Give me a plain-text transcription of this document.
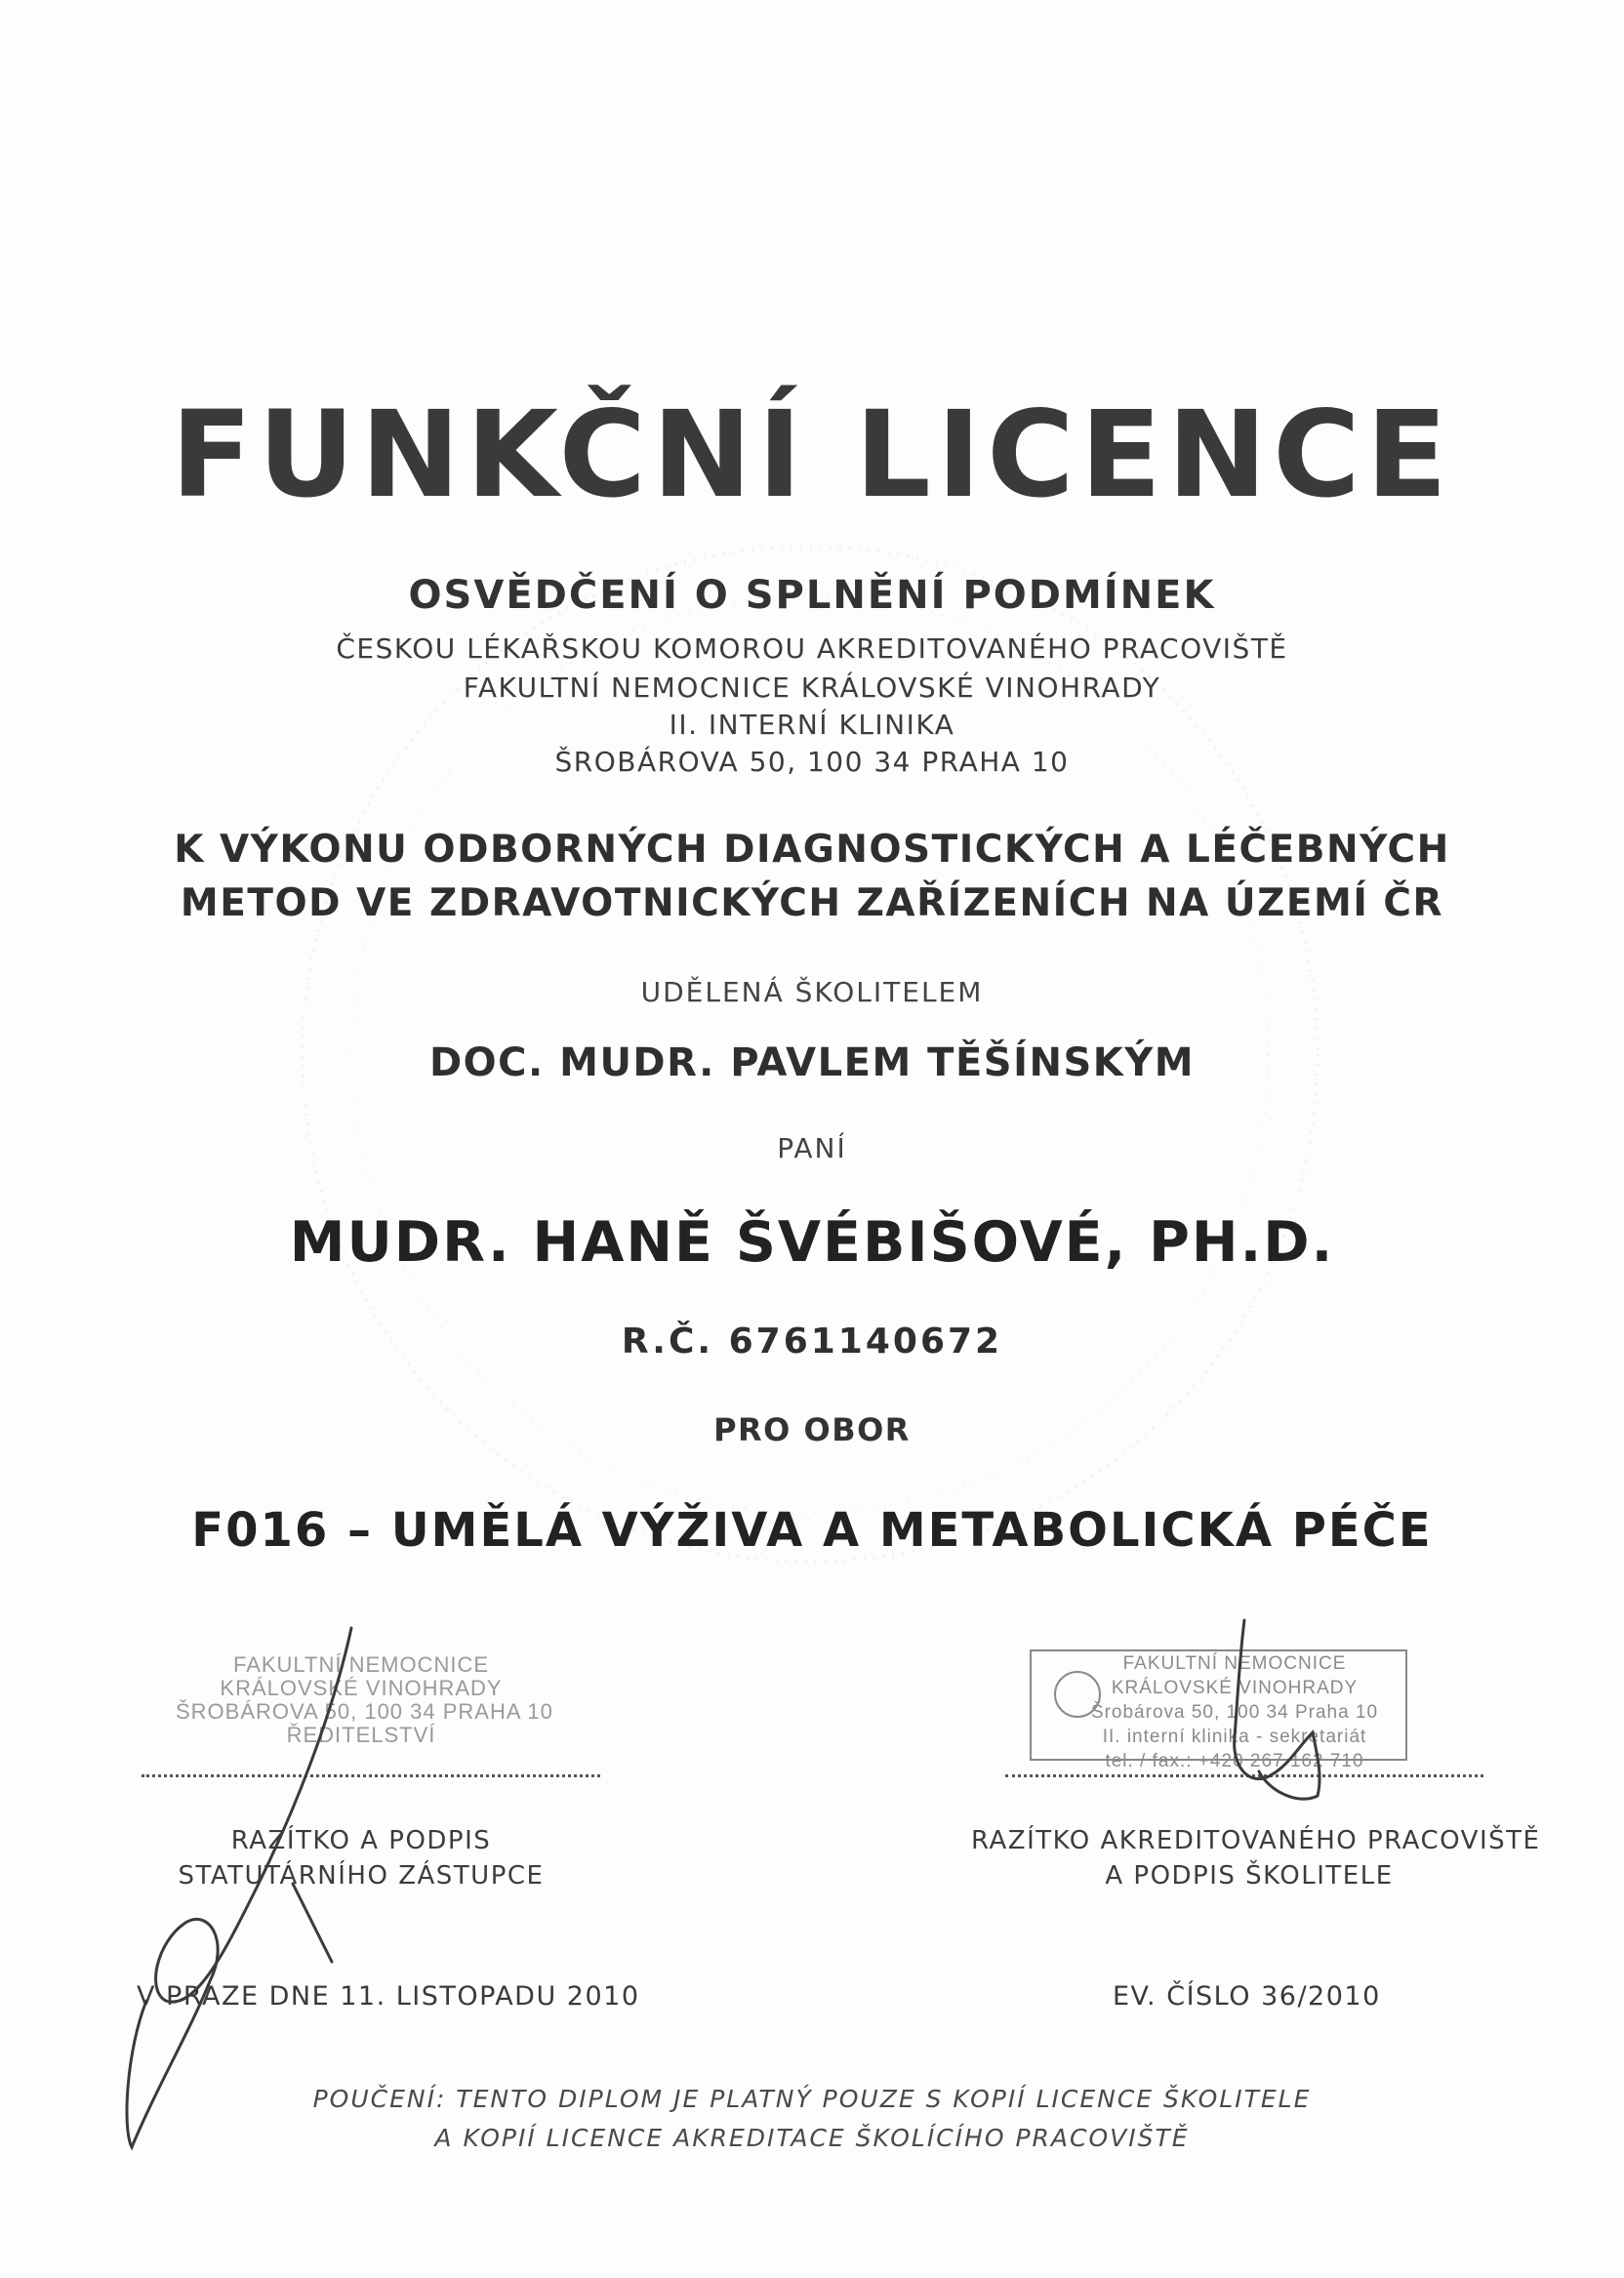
FUNKČNÍ LICENCE
OSVĚDČENÍ O SPLNĚNÍ PODMÍNEK
ČESKOU LÉKAŘSKOU KOMOROU AKREDITOVANÉHO PRACOVIŠTĚ
FAKULTNÍ NEMOCNICE KRÁLOVSKÉ VINOHRADY
II. INTERNÍ KLINIKA
ŠROBÁROVA 50, 100 34 PRAHA 10
K VÝKONU ODBORNÝCH DIAGNOSTICKÝCH A LÉČEBNÝCH
METOD VE ZDRAVOTNICKÝCH ZAŘÍZENÍCH NA ÚZEMÍ ČR
UDĚLENÁ ŠKOLITELEM
DOC. MUDR. PAVLEM TĚŠÍNSKÝM
PANÍ
MUDR. HANĚ ŠVÉBIŠOVÉ, PH.D.
R.Č. 6761140672
PRO OBOR
F016 – UMĚLÁ VÝŽIVA A METABOLICKÁ PÉČE
FAKULTNÍ NEMOCNICE
KRÁLOVSKÉ VINOHRADY
ŠROBÁROVA 50, 100 34 PRAHA 10
ŘEDITELSTVÍ
FAKULTNÍ NEMOCNICE
KRÁLOVSKÉ VINOHRADY
Šrobárova 50, 100 34 Praha 10
II. interní klinika - sekretariát
tel. / fax.: +420 267 162 710
RAZÍTKO A PODPIS
STATUTÁRNÍHO ZÁSTUPCE
RAZÍTKO AKREDITOVANÉHO PRACOVIŠTĚ
A PODPIS ŠKOLITELE
V PRAZE DNE 11. LISTOPADU 2010	EV. ČÍSLO 36/2010
POUČENÍ: TENTO DIPLOM JE PLATNÝ POUZE S KOPIÍ LICENCE ŠKOLITELE
A KOPIÍ LICENCE AKREDITACE ŠKOLÍCÍHO PRACOVIŠTĚ
